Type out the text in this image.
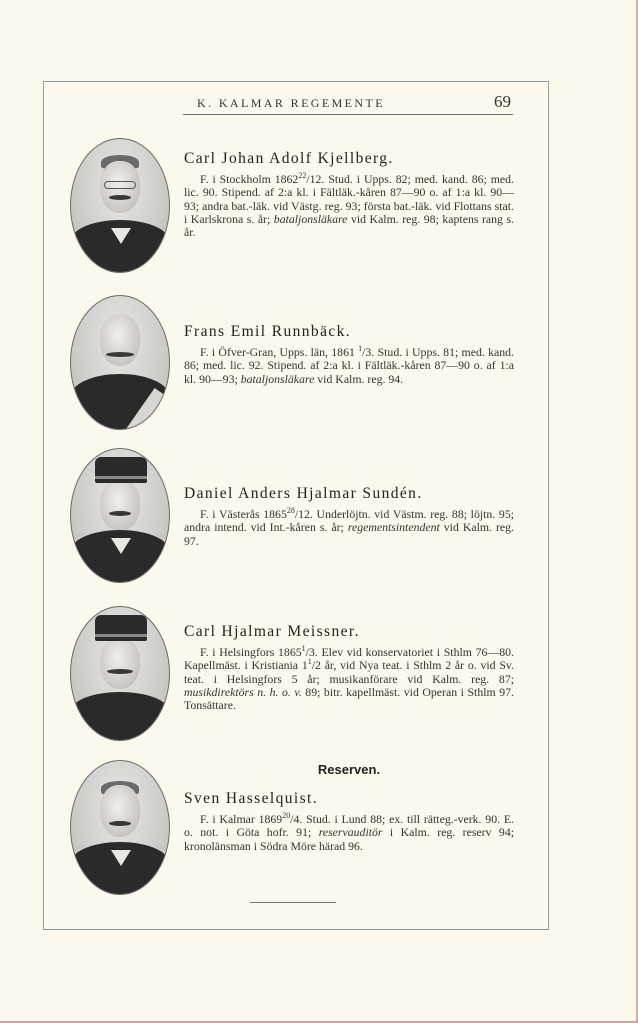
K. KALMAR REGEMENTE	69
Carl Johan Adolf Kjellberg.
F. i Stockholm 1862$^{22}$/12. Stud. i Upps. 82; med. kand. 86; med. lic. 90. Stipend. af 2:a kl. i Fältläk.-kåren 87—90 o. af 1:a kl. 90—93; andra bat.-läk. vid Västg. reg. 93; första bat.-läk. vid Flottans stat. i Karlskrona s. år; bataljonsläkare vid Kalm. reg. 98; kaptens rang s. år.
Frans Emil Runnbäck.
F. i Öfver-Gran, Upps. län, 1861 $^1$/3. Stud. i Upps. 81; med. kand. 86; med. lic. 92. Stipend. af 2:a kl. i Fältläk.-kåren 87—90 o. af 1:a kl. 90—93; bataljonsläkare vid Kalm. reg. 94.
Daniel Anders Hjalmar Sundén.
F. i Västerås 1865$^{28}$/12. Underlöjtn. vid Västm. reg. 88; löjtn. 95; andra intend. vid Int.-kåren s. år; regementsintendent vid Kalm. reg. 97.
Carl Hjalmar Meissner.
F. i Helsingfors 1865$^1$/3. Elev vid konservatoriet i Sthlm 76—80. Kapellmäst. i Kristiania $1^1/2$ år, vid Nya teat. i Sthlm 2 år o. vid Sv. teat. i Helsingfors 5 år; musikanförare vid Kalm. reg. 87; musikdirektörs n. h. o. v. 89; bitr. kapellmäst. vid Operan i Sthlm 97. Tonsättare.
Reserven.
Sven Hasselquist.
F. i Kalmar 1869$^{20}$/4. Stud. i Lund 88; ex. till rätteg.-verk. 90. E. o. not. i Göta hofr. 91; reservauditör i Kalm. reg. reserv 94; kronolänsman i Södra Möre härad 96.
